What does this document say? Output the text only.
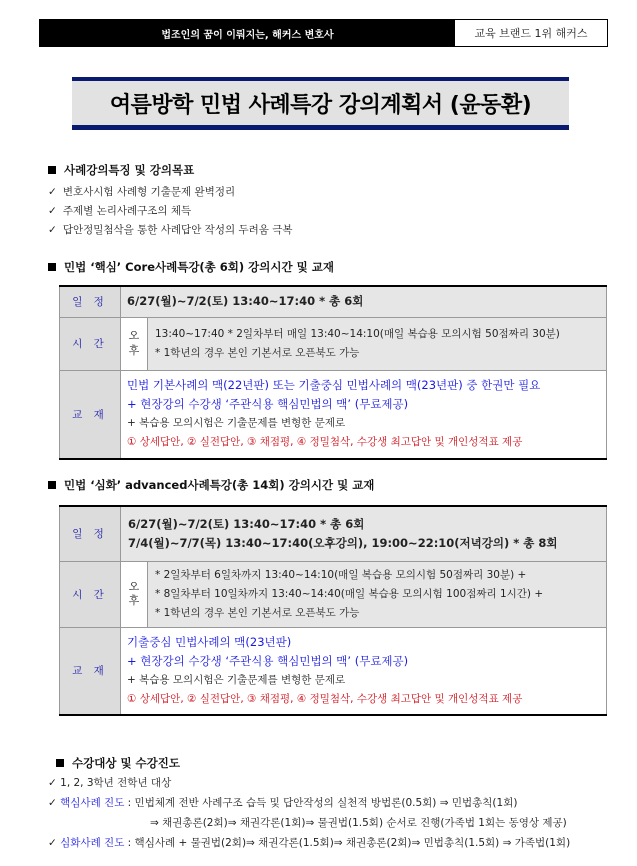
법조인의 꿈이 이뤄지는, 해커스 변호사	교육 브랜드 1위 해커스
여름방학 민법 사례특강 강의계획서 (윤동환)
사례강의특징 및 강의목표
✓ 변호사시험 사례형 기출문제 완벽정리
✓ 주제별 논리사례구조의 체득
✓ 답안정밀첨삭을 통한 사례답안 작성의 두려움 극복
민법 ‘핵심’ Core사례특강(총 6회) 강의시간 및 교재
일 정	6/27(월)~7/2(토) 13:40~17:40 * 총 6회	
시 간	오 후	13:40~17:40 * 2일차부터 매일 13:40~14:10(매일 복습용 모의시험 50점짜리 30분)
* 1학년의 경우 본인 기본서로 오픈북도 가능

교 재	민법 기본사례의 맥(22년판) 또는 기출중심 민법사례의 맥(23년판) 중 한권만 필요
+ 현장강의 수강생 ‘주관식용 핵심민법의 맥’ (무료제공)
+ 복습용 모의시험은 기출문제를 변형한 문제로
① 상세답안, ② 실전답안, ③ 채점평, ④ 정밀첨삭, 수강생 최고답안 및 개인성적표 제공	
민법 ‘심화’ advanced사례특강(총 14회) 강의시간 및 교재
일 정	6/27(월)~7/2(토) 13:40~17:40 * 총 6회
7/4(월)~7/7(목) 13:40~17:40(오후강의), 19:00~22:10(저녁강의) * 총 8회	

시 간	오 후	* 2일차부터 6일차까지 13:40~14:10(매일 복습용 모의시험 50점짜리 30분) +
* 8일차부터 10일차까지 13:40~14:40(매일 복습용 모의시험 100점짜리 1시간) +
* 1학년의 경우 본인 기본서로 오픈북도 가능

교 재	기출중심 민법사례의 맥(23년판)
+ 현장강의 수강생 ‘주관식용 핵심민법의 맥’ (무료제공)
+ 복습용 모의시험은 기출문제를 변형한 문제로
① 상세답안, ② 실전답안, ③ 채점평, ④ 정밀첨삭, 수강생 최고답안 및 개인성적표 제공	
수강대상 및 수강진도
✓ 1, 2, 3학년 전학년 대상
✓ 핵심사례 진도 : 민법체계 전반 사례구조 습득 및 답안작성의 실천적 방법론(0.5회) ⇒ 민법총칙(1회)
⇒ 채권총론(2회)⇒ 채권각론(1회)⇒ 물권법(1.5회) 순서로 진행(가족법 1회는 동영상 제공)
✓ 심화사례 진도 : 핵심사례 + 물권법(2회)⇒ 채권각론(1.5회)⇒ 채권총론(2회)⇒ 민법총칙(1.5회) ⇒ 가족법(1회)
